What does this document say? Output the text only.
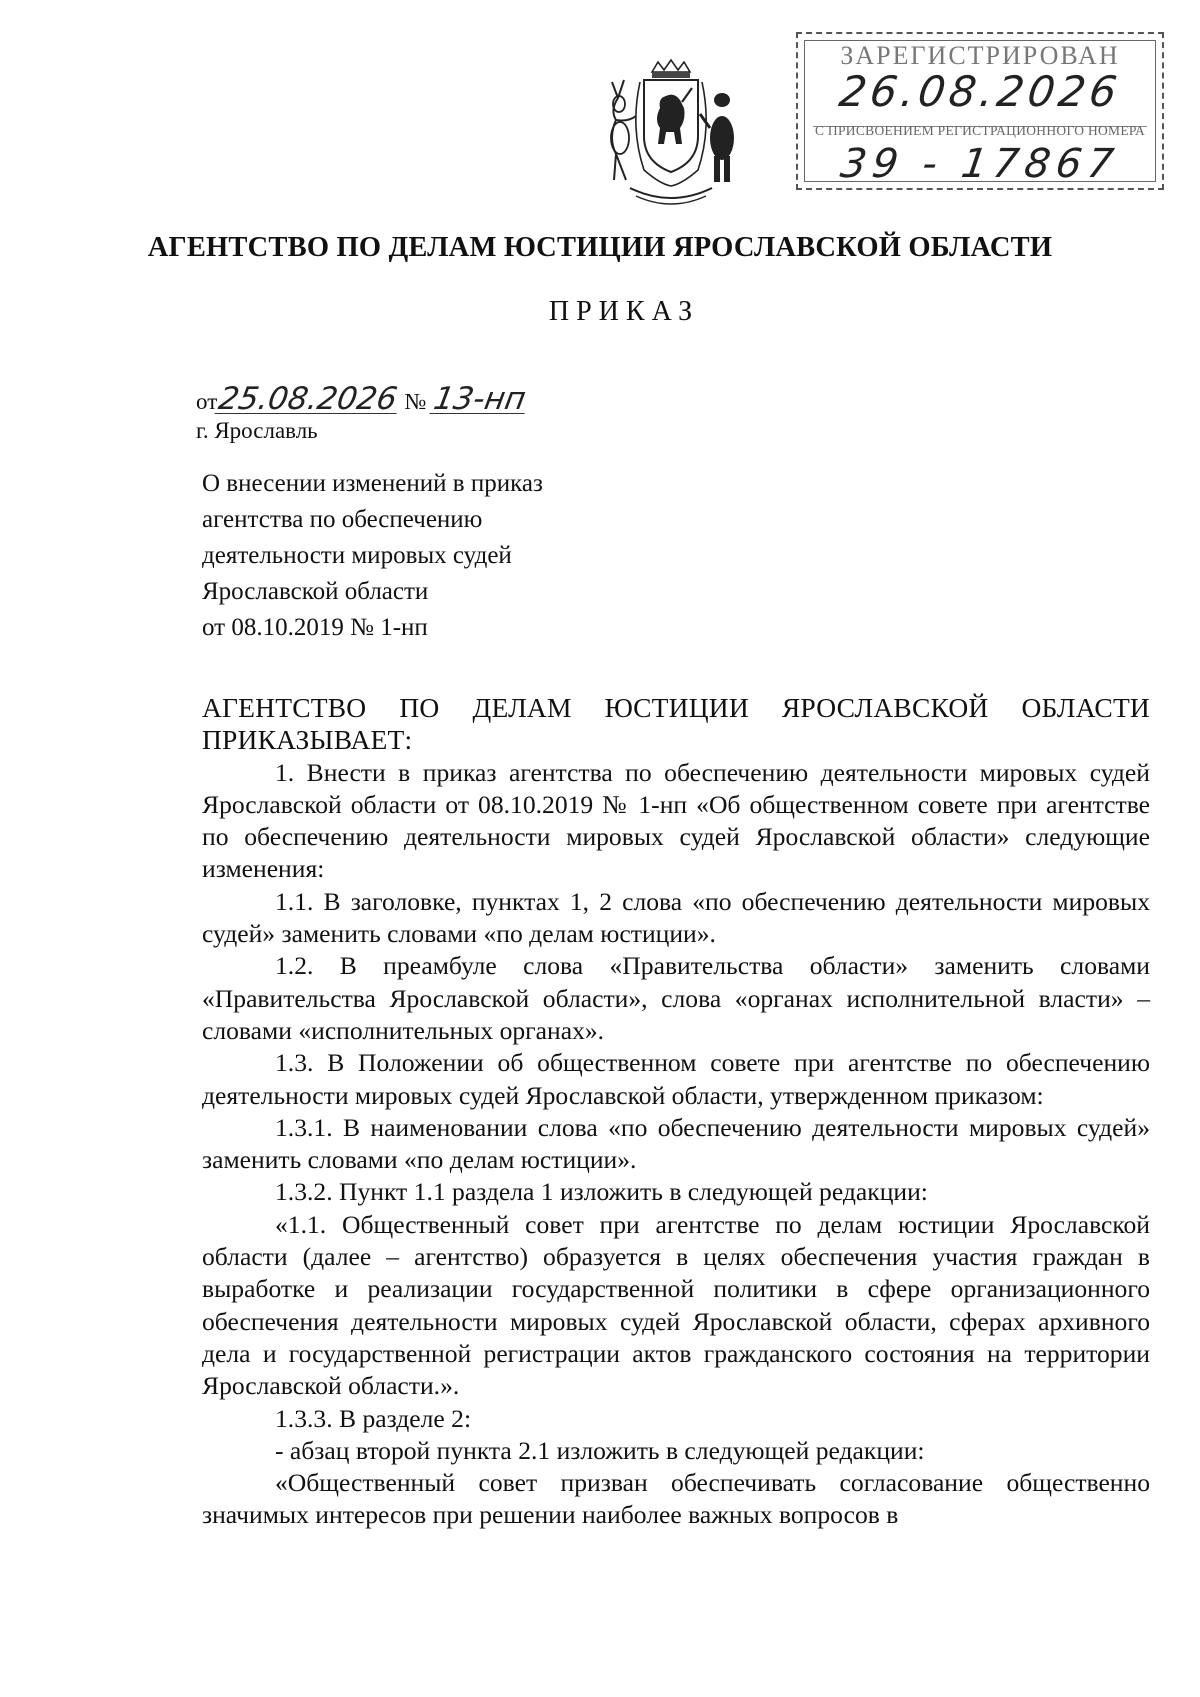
ЗАРЕГИСТРИРОВАН
26.08.2026
С ПРИСВОЕНИЕМ РЕГИСТРАЦИОННОГО НОМЕРА
39 - 17867
АГЕНТСТВО ПО ДЕЛАМ ЮСТИЦИИ ЯРОСЛАВСКОЙ ОБЛАСТИ
ПРИКАЗ
от25.08.2026 № 13-нп
г. Ярославль
О внесении изменений в приказ
агентства по обеспечению
деятельности мировых судей
Ярославской области
от 08.10.2019 № 1-нп

АГЕНТСТВО ПО ДЕЛАМ ЮСТИЦИИ ЯРОСЛАВСКОЙ ОБЛАСТИ ПРИКАЗЫВАЕТ:

1. Внести в приказ агентства по обеспечению деятельности мировых судей Ярославской области от 08.10.2019 № 1-нп «Об общественном совете при агентстве по обеспечению деятельности мировых судей Ярославской области» следующие изменения:

1.1. В заголовке, пунктах 1, 2 слова «по обеспечению деятельности мировых судей» заменить словами «по делам юстиции».

1.2. В преамбуле слова «Правительства области» заменить словами «Правительства Ярославской области», слова «органах исполнительной власти» – словами «исполнительных органах».

1.3. В Положении об общественном совете при агентстве по обеспечению деятельности мировых судей Ярославской области, утвержденном приказом:

1.3.1. В наименовании слова «по обеспечению деятельности мировых судей» заменить словами «по делам юстиции».

1.3.2. Пункт 1.1 раздела 1 изложить в следующей редакции:

«1.1. Общественный совет при агентстве по делам юстиции Ярославской области (далее – агентство) образуется в целях обеспечения участия граждан в выработке и реализации государственной политики в сфере организационного обеспечения деятельности мировых судей Ярославской области, сферах архивного дела и государственной регистрации актов гражданского состояния на территории Ярославской области.».

1.3.3. В разделе 2:

- абзац второй пункта 2.1 изложить в следующей редакции:

«Общественный совет призван обеспечивать согласование общественно значимых интересов при решении наиболее важных вопросов в
